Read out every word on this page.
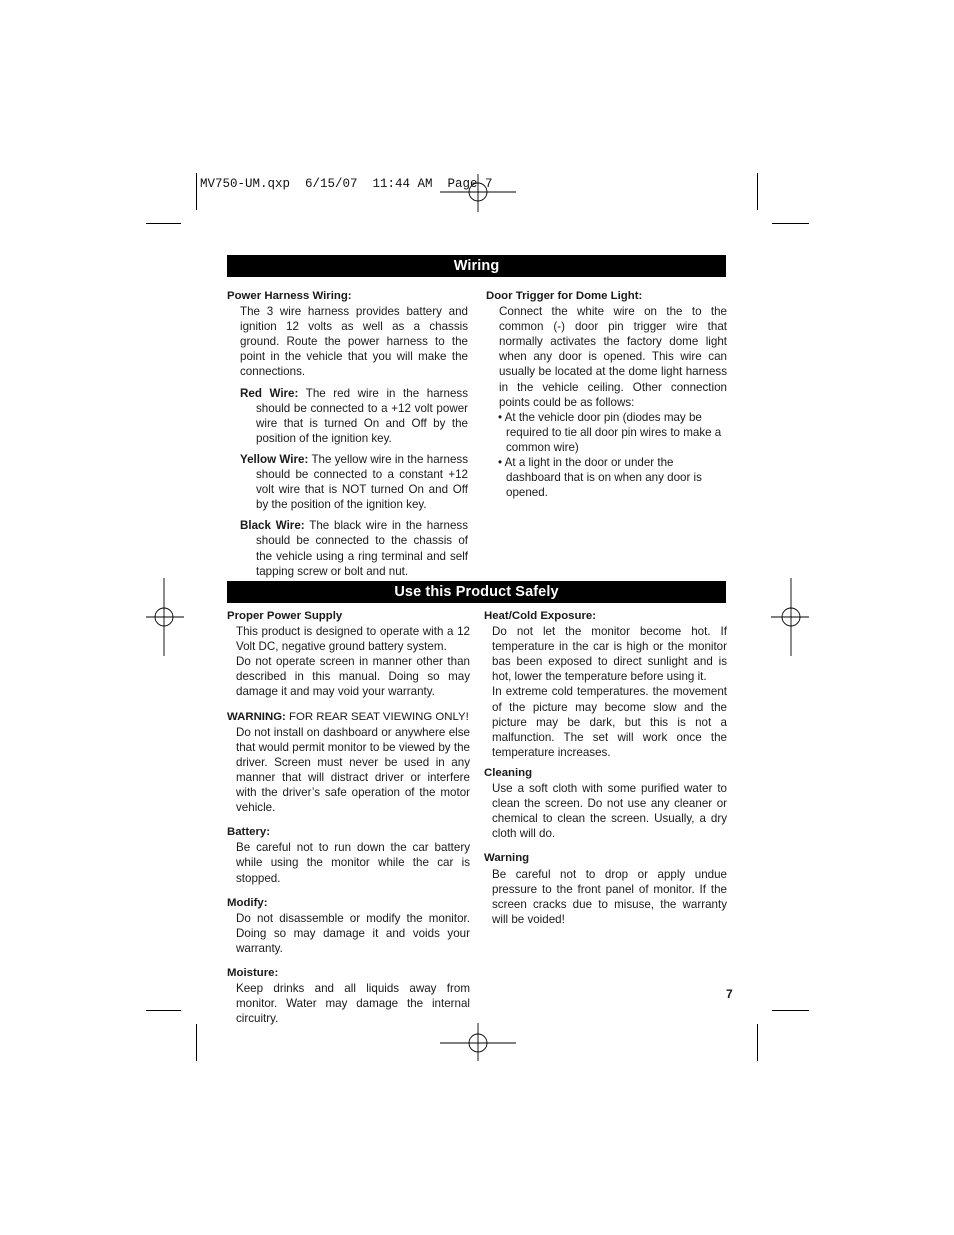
MV750-UM.qxp  6/15/07  11:44 AM  Page 7
Wiring
Power Harness Wiring:
The 3 wire harness provides battery and ignition 12 volts as well as a chassis ground. Route the power harness to the point in the vehicle that you will make the connections.
Red Wire: The red wire in the harness should be connected to a +12 volt power wire that is turned On and Off by the position of the ignition key.
Yellow Wire: The yellow wire in the harness should be connected to a constant +12 volt wire that is NOT turned On and Off by the position of the ignition key.
Black Wire: The black wire in the harness should be connected to the chassis of the vehicle using a ring terminal and self tapping screw or bolt and nut.
Door Trigger for Dome Light:
Connect the white wire on the to the common (-) door pin trigger wire that normally activates the factory dome light when any door is opened. This wire can usually be located at the dome light harness in the vehicle ceiling. Other connection points could be as follows:
• At the vehicle door pin (diodes may be required to tie all door pin wires to make a common wire)
• At a light in the door or under the dashboard that is on when any door is opened.
Use this Product Safely
Proper Power Supply
This product is designed to operate with a 12 Volt DC, negative ground battery system.
Do not operate screen in manner other than described in this manual. Doing so may damage it and may void your warranty.
WARNING: FOR REAR SEAT VIEWING ONLY!
Do not install on dashboard or anywhere else that would permit monitor to be viewed by the driver. Screen must never be used in any manner that will distract driver or interfere with the driver’s safe operation of the motor vehicle.
Battery:
Be careful not to run down the car battery while using the monitor while the car is stopped.
Modify:
Do not disassemble or modify the monitor. Doing so may damage it and voids your warranty.
Moisture:
Keep drinks and all liquids away from monitor. Water may damage the internal circuitry.
Heat/Cold Exposure:
Do not let the monitor become hot. If temperature in the car is high or the monitor bas been exposed to direct sunlight and is hot, lower the temperature before using it.
In extreme cold temperatures. the movement of the picture may become slow and the picture may be dark, but this is not a malfunction. The set will work once the temperature increases.
Cleaning
Use a soft cloth with some purified water to clean the screen. Do not use any cleaner or chemical to clean the screen. Usually, a dry cloth will do.
Warning
Be careful not to drop or apply undue pressure to the front panel of monitor. If the screen cracks due to misuse, the warranty will be voided!
7
